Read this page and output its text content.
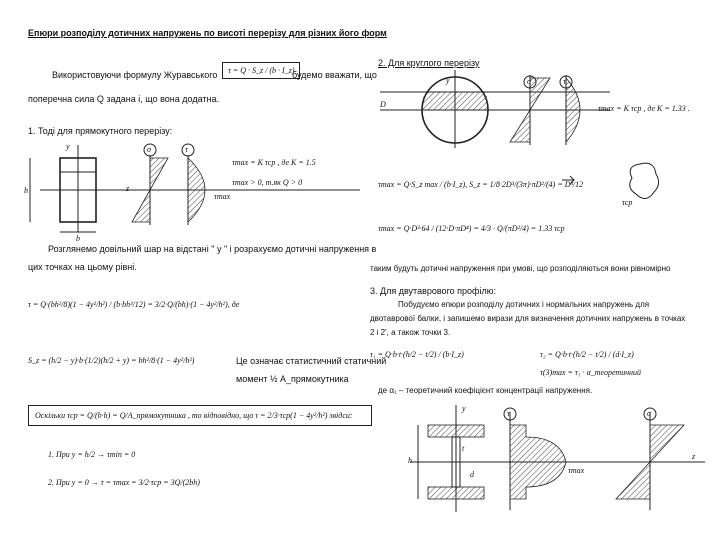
Епюри розподілу дотичних напружень по висоті перерізу для різних його форм
Використовуючи формулу Журавського	τ = Q · S_z / (b · I_z)
будемо вважати, що
поперечна сила Q задана і, що вона додатна.
1. Тоді для прямокутного перерізу:
τmax = K τср , де K = 1.5
τmax > 0, т.як Q > 0
Розглянемо довільний шар на відстані " y " і розрахуємо дотичні напруження в
цих точках на цьому рівні.
τ = Q·(bh²/8)(1 − 4y²/h²) / (b·bh³/12) = 3/2·Q/(bh)·(1 − 4y²/h²), де
S_z = (h/2 − y)·b·(1/2)(h/2 + y) = bh²/8·(1 − 4y²/h²)	Це означає статистичний статичний
момент ½ A_прямокутника
Оскільки τср = Q/(b·h) = Q/A_прямокутника , то відповідно, що τ = 2/3·τср(1 − 4y²/h²) звідси:
1. При y = h/2 → τmin = 0
2. При y = 0 → τ = τmax = 3/2·τср = 3Q/(2bh)
y
z
h
b
σ	τ
τmax
2. Для круглого перерізу
τmax = K τср , де K = 1.33 .
τmax = Q·S_z max / (b·I_z), S_z = 1/8·2D³/(3π)·πD²/(4) = D³/12
τср
τmax = Q·D³·64 / (12·D·πD⁴) = 4/3 · Q/(πD²/4) = 1.33 τср
таким будуть дотичні напруження при умові, що розподіляються вони рівномірно
y
D
σ	τ
3. Для двутаврового профілю:
Побудуємо епюри розподілу дотичних і нормальних напружень для
двотаврової балки, і запишемо вирази для визначення дотичних напружень в точках
2 і 2', а також точки 3.
τ₁ = Q·b·t·(h/2 − t/2) / (b·I_z)	τ₂ = Q·b·t·(h/2 − t/2) / (d·I_z)
τ(3)max = τ₁ · α_теоретичний
де α₁ – теоретичний коефіцієнт концентрації напруження.
y
h
t
d
z
τ	σ
τmax
